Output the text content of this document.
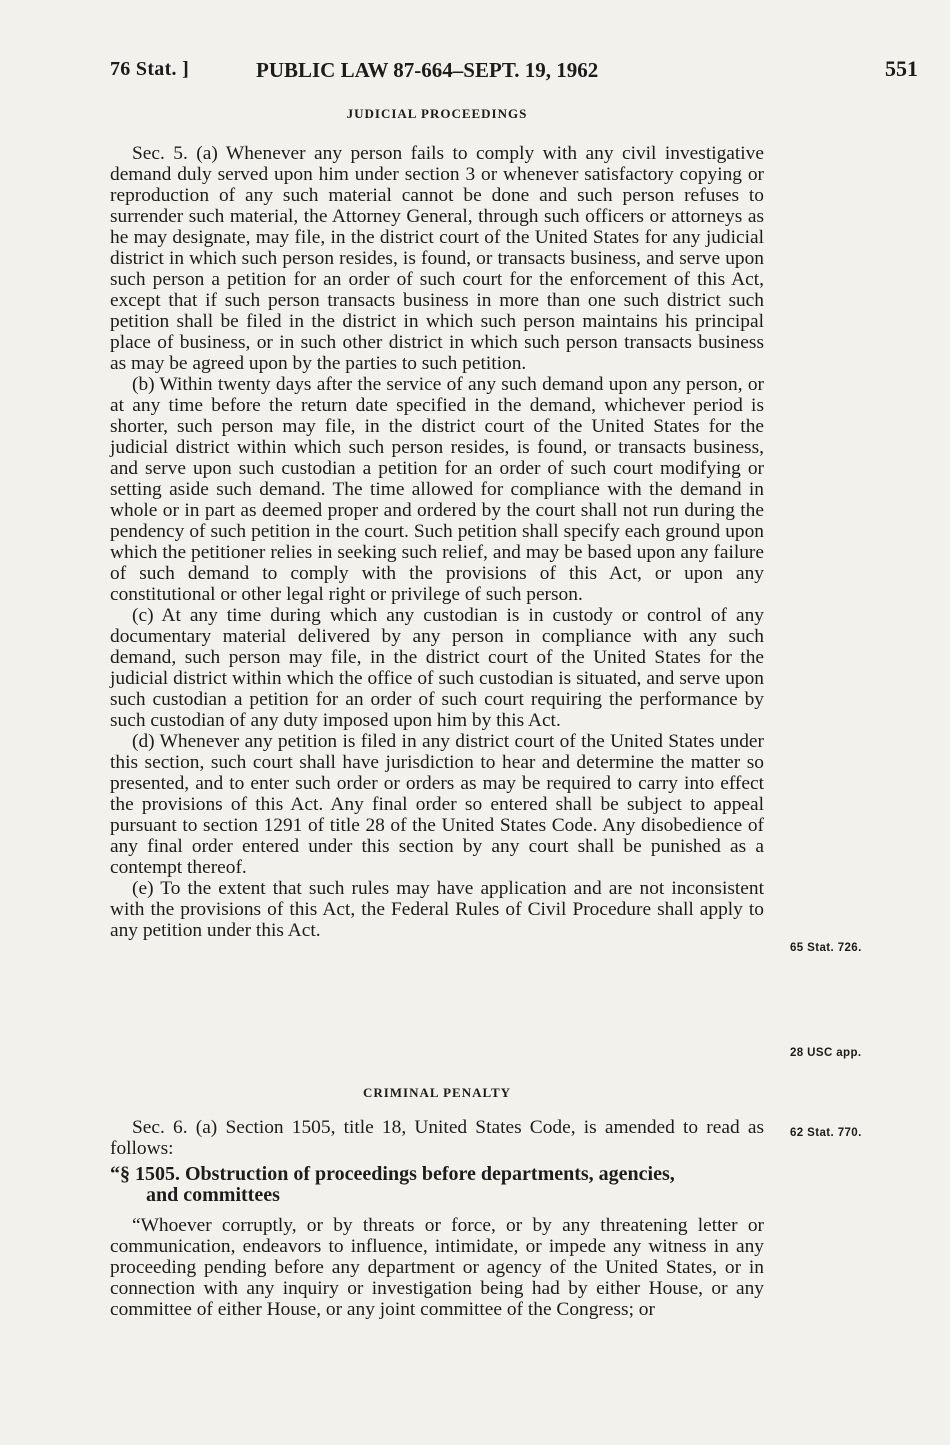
76 Stat. ]	PUBLIC LAW 87-664–SEPT. 19, 1962	551
JUDICIAL PROCEEDINGS

Sec. 5. (a) Whenever any person fails to comply with any civil investigative demand duly served upon him under section 3 or whenever satisfactory copying or reproduction of any such material cannot be done and such person refuses to surrender such material, the Attorney General, through such officers or attorneys as he may designate, may file, in the district court of the United States for any judicial district in which such person resides, is found, or transacts business, and serve upon such person a petition for an order of such court for the enforcement of this Act, except that if such person transacts business in more than one such district such petition shall be filed in the district in which such person maintains his principal place of business, or in such other district in which such person transacts business as may be agreed upon by the parties to such petition.

(b) Within twenty days after the service of any such demand upon any person, or at any time before the return date specified in the demand, whichever period is shorter, such person may file, in the district court of the United States for the judicial district within which such person resides, is found, or transacts business, and serve upon such custodian a petition for an order of such court modifying or setting aside such demand. The time allowed for compliance with the demand in whole or in part as deemed proper and ordered by the court shall not run during the pendency of such petition in the court. Such petition shall specify each ground upon which the petitioner relies in seeking such relief, and may be based upon any failure of such demand to comply with the provisions of this Act, or upon any constitutional or other legal right or privilege of such person.

(c) At any time during which any custodian is in custody or control of any documentary material delivered by any person in compliance with any such demand, such person may file, in the district court of the United States for the judicial district within which the office of such custodian is situated, and serve upon such custodian a petition for an order of such court requiring the performance by such custodian of any duty imposed upon him by this Act.

(d) Whenever any petition is filed in any district court of the United States under this section, such court shall have jurisdiction to hear and determine the matter so presented, and to enter such order or orders as may be required to carry into effect the provisions of this Act. Any final order so entered shall be subject to appeal pursuant to section 1291 of title 28 of the United States Code. Any disobedience of any final order entered under this section by any court shall be punished as a contempt thereof.

(e) To the extent that such rules may have application and are not inconsistent with the provisions of this Act, the Federal Rules of Civil Procedure shall apply to any petition under this Act.

CRIMINAL PENALTY

Sec. 6. (a) Section 1505, title 18, United States Code, is amended to read as follows:

“§ 1505. Obstruction of proceedings before departments, agencies,
and committees

“Whoever corruptly, or by threats or force, or by any threatening letter or communication, endeavors to influence, intimidate, or impede any witness in any proceeding pending before any department or agency of the United States, or in connection with any inquiry or investigation being had by either House, or any committee of either House, or any joint committee of the Congress; or

65 Stat. 726.
28 USC app.
62 Stat. 770.
